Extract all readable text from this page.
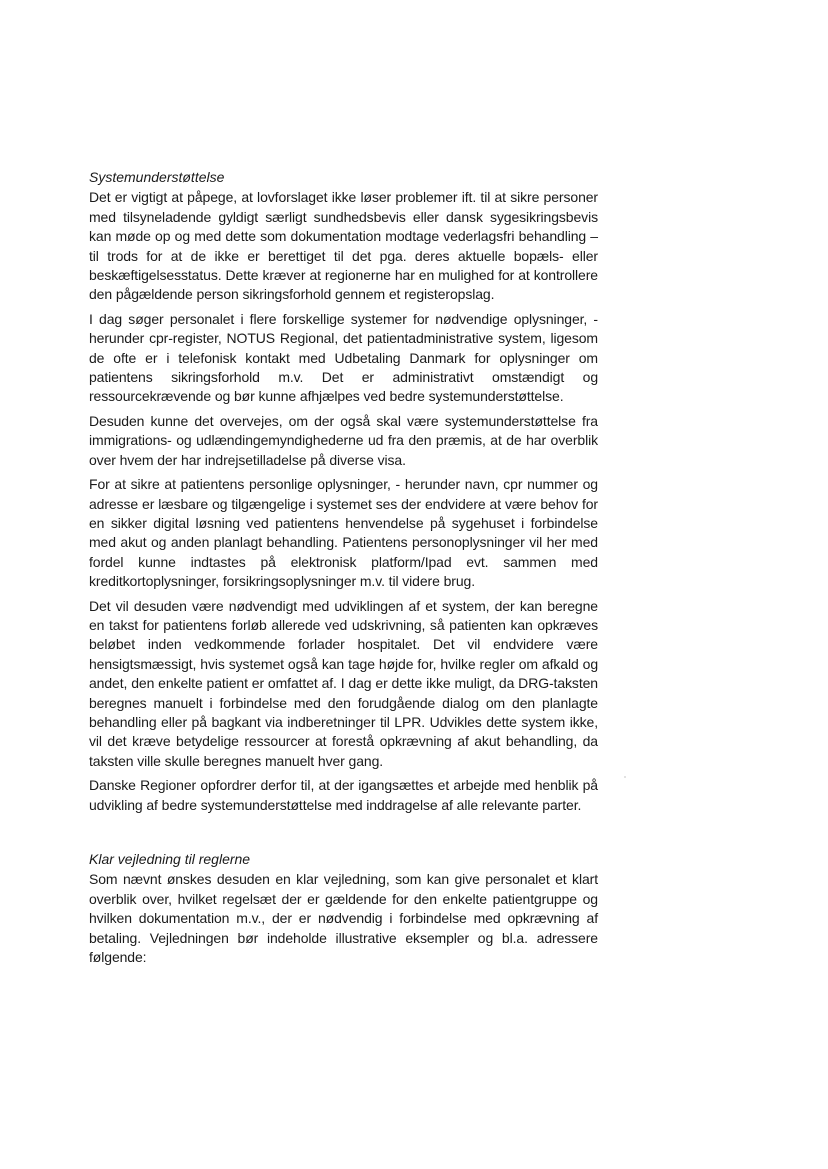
Systemunderstøttelse

Det er vigtigt at påpege, at lovforslaget ikke løser problemer ift. til at sikre personer med tilsyneladende gyldigt særligt sundhedsbevis eller dansk sygesikringsbevis kan møde op og med dette som dokumentation modtage vederlagsfri behandling – til trods for at de ikke er berettiget til det pga. deres aktuelle bopæls- eller beskæftigelsesstatus. Dette kræver at regionerne har en mulighed for at kontrollere den pågældende person sikringsforhold gennem et registeropslag.

I dag søger personalet i flere forskellige systemer for nødvendige oplysninger, - herunder cpr-register, NOTUS Regional, det patientadministrative system, ligesom de ofte er i telefonisk kontakt med Udbetaling Danmark for oplysninger om patientens sikringsforhold m.v. Det er administrativt omstændigt og ressourcekrævende og bør kunne afhjælpes ved bedre systemunderstøttelse.

Desuden kunne det overvejes, om der også skal være systemunderstøttelse fra immigrations- og udlændingemyndighederne ud fra den præmis, at de har overblik over hvem der har indrejsetilladelse på diverse visa.

For at sikre at patientens personlige oplysninger, - herunder navn, cpr nummer og adresse er læsbare og tilgængelige i systemet ses der endvidere at være behov for en sikker digital løsning ved patientens henvendelse på sygehuset i forbindelse med akut og anden planlagt behandling. Patientens personoplysninger vil her med fordel kunne indtastes på elektronisk platform/Ipad evt. sammen med kreditkortoplysninger, forsikringsoplysninger m.v. til videre brug.

Det vil desuden være nødvendigt med udviklingen af et system, der kan beregne en takst for patientens forløb allerede ved udskrivning, så patienten kan opkræves beløbet inden vedkommende forlader hospitalet. Det vil endvidere være hensigtsmæssigt, hvis systemet også kan tage højde for, hvilke regler om afkald og andet, den enkelte patient er omfattet af. I dag er dette ikke muligt, da DRG-taksten beregnes manuelt i forbindelse med den forudgående dialog om den planlagte behandling eller på bagkant via indberetninger til LPR. Udvikles dette system ikke, vil det kræve betydelige ressourcer at forestå opkrævning af akut behandling, da taksten ville skulle beregnes manuelt hver gang.

Danske Regioner opfordrer derfor til, at der igangsættes et arbejde med henblik på udvikling af bedre systemunderstøttelse med inddragelse af alle relevante parter.

Klar vejledning til reglerne

Som nævnt ønskes desuden en klar vejledning, som kan give personalet et klart overblik over, hvilket regelsæt der er gældende for den enkelte patientgruppe og hvilken dokumentation m.v., der er nødvendig i forbindelse med opkrævning af betaling. Vejledningen bør indeholde illustrative eksempler og bl.a. adressere følgende:
